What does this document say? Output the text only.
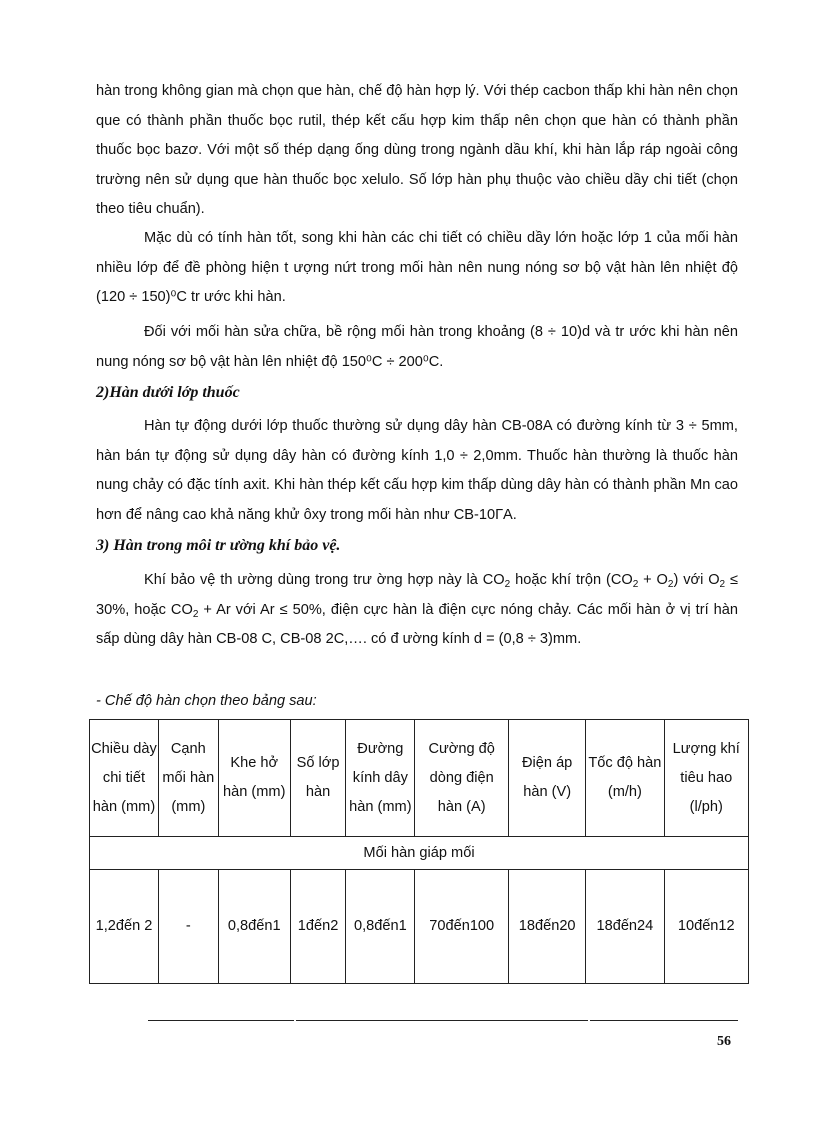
hàn trong không gian mà chọn que hàn, chế độ hàn hợp lý. Với thép cacbon thấp khi hàn nên chọn que có thành phần thuốc bọc rutil, thép kết cấu hợp kim thấp nên chọn que hàn có thành phần thuốc bọc bazơ. Với một số thép dạng ống dùng trong ngành dầu khí, khi hàn lắp ráp ngoài công trường nên sử dụng que hàn thuốc bọc xelulo. Số lớp hàn phụ thuộc vào chiều dầy chi tiết (chọn theo tiêu chuẩn).

Mặc dù có tính hàn tốt, song khi hàn các chi tiết có chiều dầy lớn hoặc lớp 1 của mối hàn nhiều lớp để đề phòng hiện t ượng nứt trong mối hàn nên nung nóng sơ bộ vật hàn lên nhiệt độ (120 ÷ 150)⁰C tr ước khi hàn.

Đối với mối hàn sửa chữa, bề rộng mối hàn trong khoảng (8 ÷ 10)d và tr ước khi hàn nên nung nóng sơ bộ vật hàn lên nhiệt độ 150⁰C ÷ 200⁰C.

2)Hàn dưới lớp thuốc

Hàn tự động dưới lớp thuốc thường sử dụng dây hàn CB-08A có đường kính từ 3 ÷ 5mm, hàn bán tự động sử dụng dây hàn có đường kính 1,0 ÷ 2,0mm. Thuốc hàn thường là thuốc hàn nung chảy có đặc tính axit. Khi hàn thép kết cấu hợp kim thấp dùng dây hàn có thành phần Mn cao hơn để nâng cao khả năng khử ôxy trong mối hàn như CB-10ГA.

3) Hàn trong môi tr ường khí bảo vệ.

Khí bảo vệ th ường dùng trong trư ờng hợp này là $CO_2$ hoặc khí trộn $(CO_2 + O_2)$ với $O_2 \le 30\%$, hoặc $CO_2 + Ar$ với Ar ≤ 50%, điện cực hàn là điện cực nóng chảy. Các mối hàn ở vị trí hàn sấp dùng dây hàn CB-08 C, CB-08 2C,…. có đ ường kính d = (0,8 ÷ 3)mm.

- Chế độ hàn chọn theo bảng sau:

Chiều dày chi tiết hàn (mm)	Cạnh mối hàn (mm)	Khe hở hàn (mm)	Số lớp hàn	Đường kính dây hàn (mm)	Cường độ dòng điện hàn (A)	Điện áp hàn (V)	Tốc độ hàn (m/h)	Lượng khí tiêu hao (l/ph)
Mối hàn giáp mối								
1,2đến 2	-	0,8đến1	1đến2	0,8đến1	70đến100	18đến20	18đến24	10đến12

56
